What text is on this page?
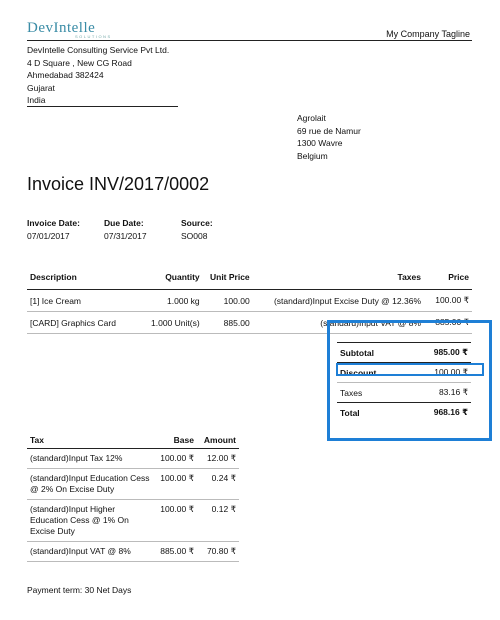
DevIntelle
SOLUTIONS	My Company Tagline
DevIntelle Consulting Service Pvt Ltd.
4 D Square , New CG Road
Ahmedabad 382424
Gujarat
India
Agrolait
69 rue de Namur
1300 Wavre
Belgium
Invoice INV/2017/0002
Invoice Date:
07/01/2017
Due Date:
07/31/2017
Source:
SO008
Description	Quantity	Unit Price	Taxes	Price
[1] Ice Cream	1.000 kg	100.00	(standard)Input Excise Duty @ 12.36%	100.00 ₹
[CARD] Graphics Card	1.000 Unit(s)	885.00	(standard)Input VAT @ 8%	885.00 ₹
Subtotal	985.00 ₹
Discount	100.00 ₹
Taxes	83.16 ₹
Total	968.16 ₹
Tax	Base	Amount
(standard)Input Tax 12%	100.00 ₹	12.00 ₹
(standard)Input Education Cess @ 2% On Excise Duty	100.00 ₹	0.24 ₹
(standard)Input Higher Education Cess @ 1% On Excise Duty	100.00 ₹	0.12 ₹
(standard)Input VAT @ 8%	885.00 ₹	70.80 ₹
Payment term: 30 Net Days
